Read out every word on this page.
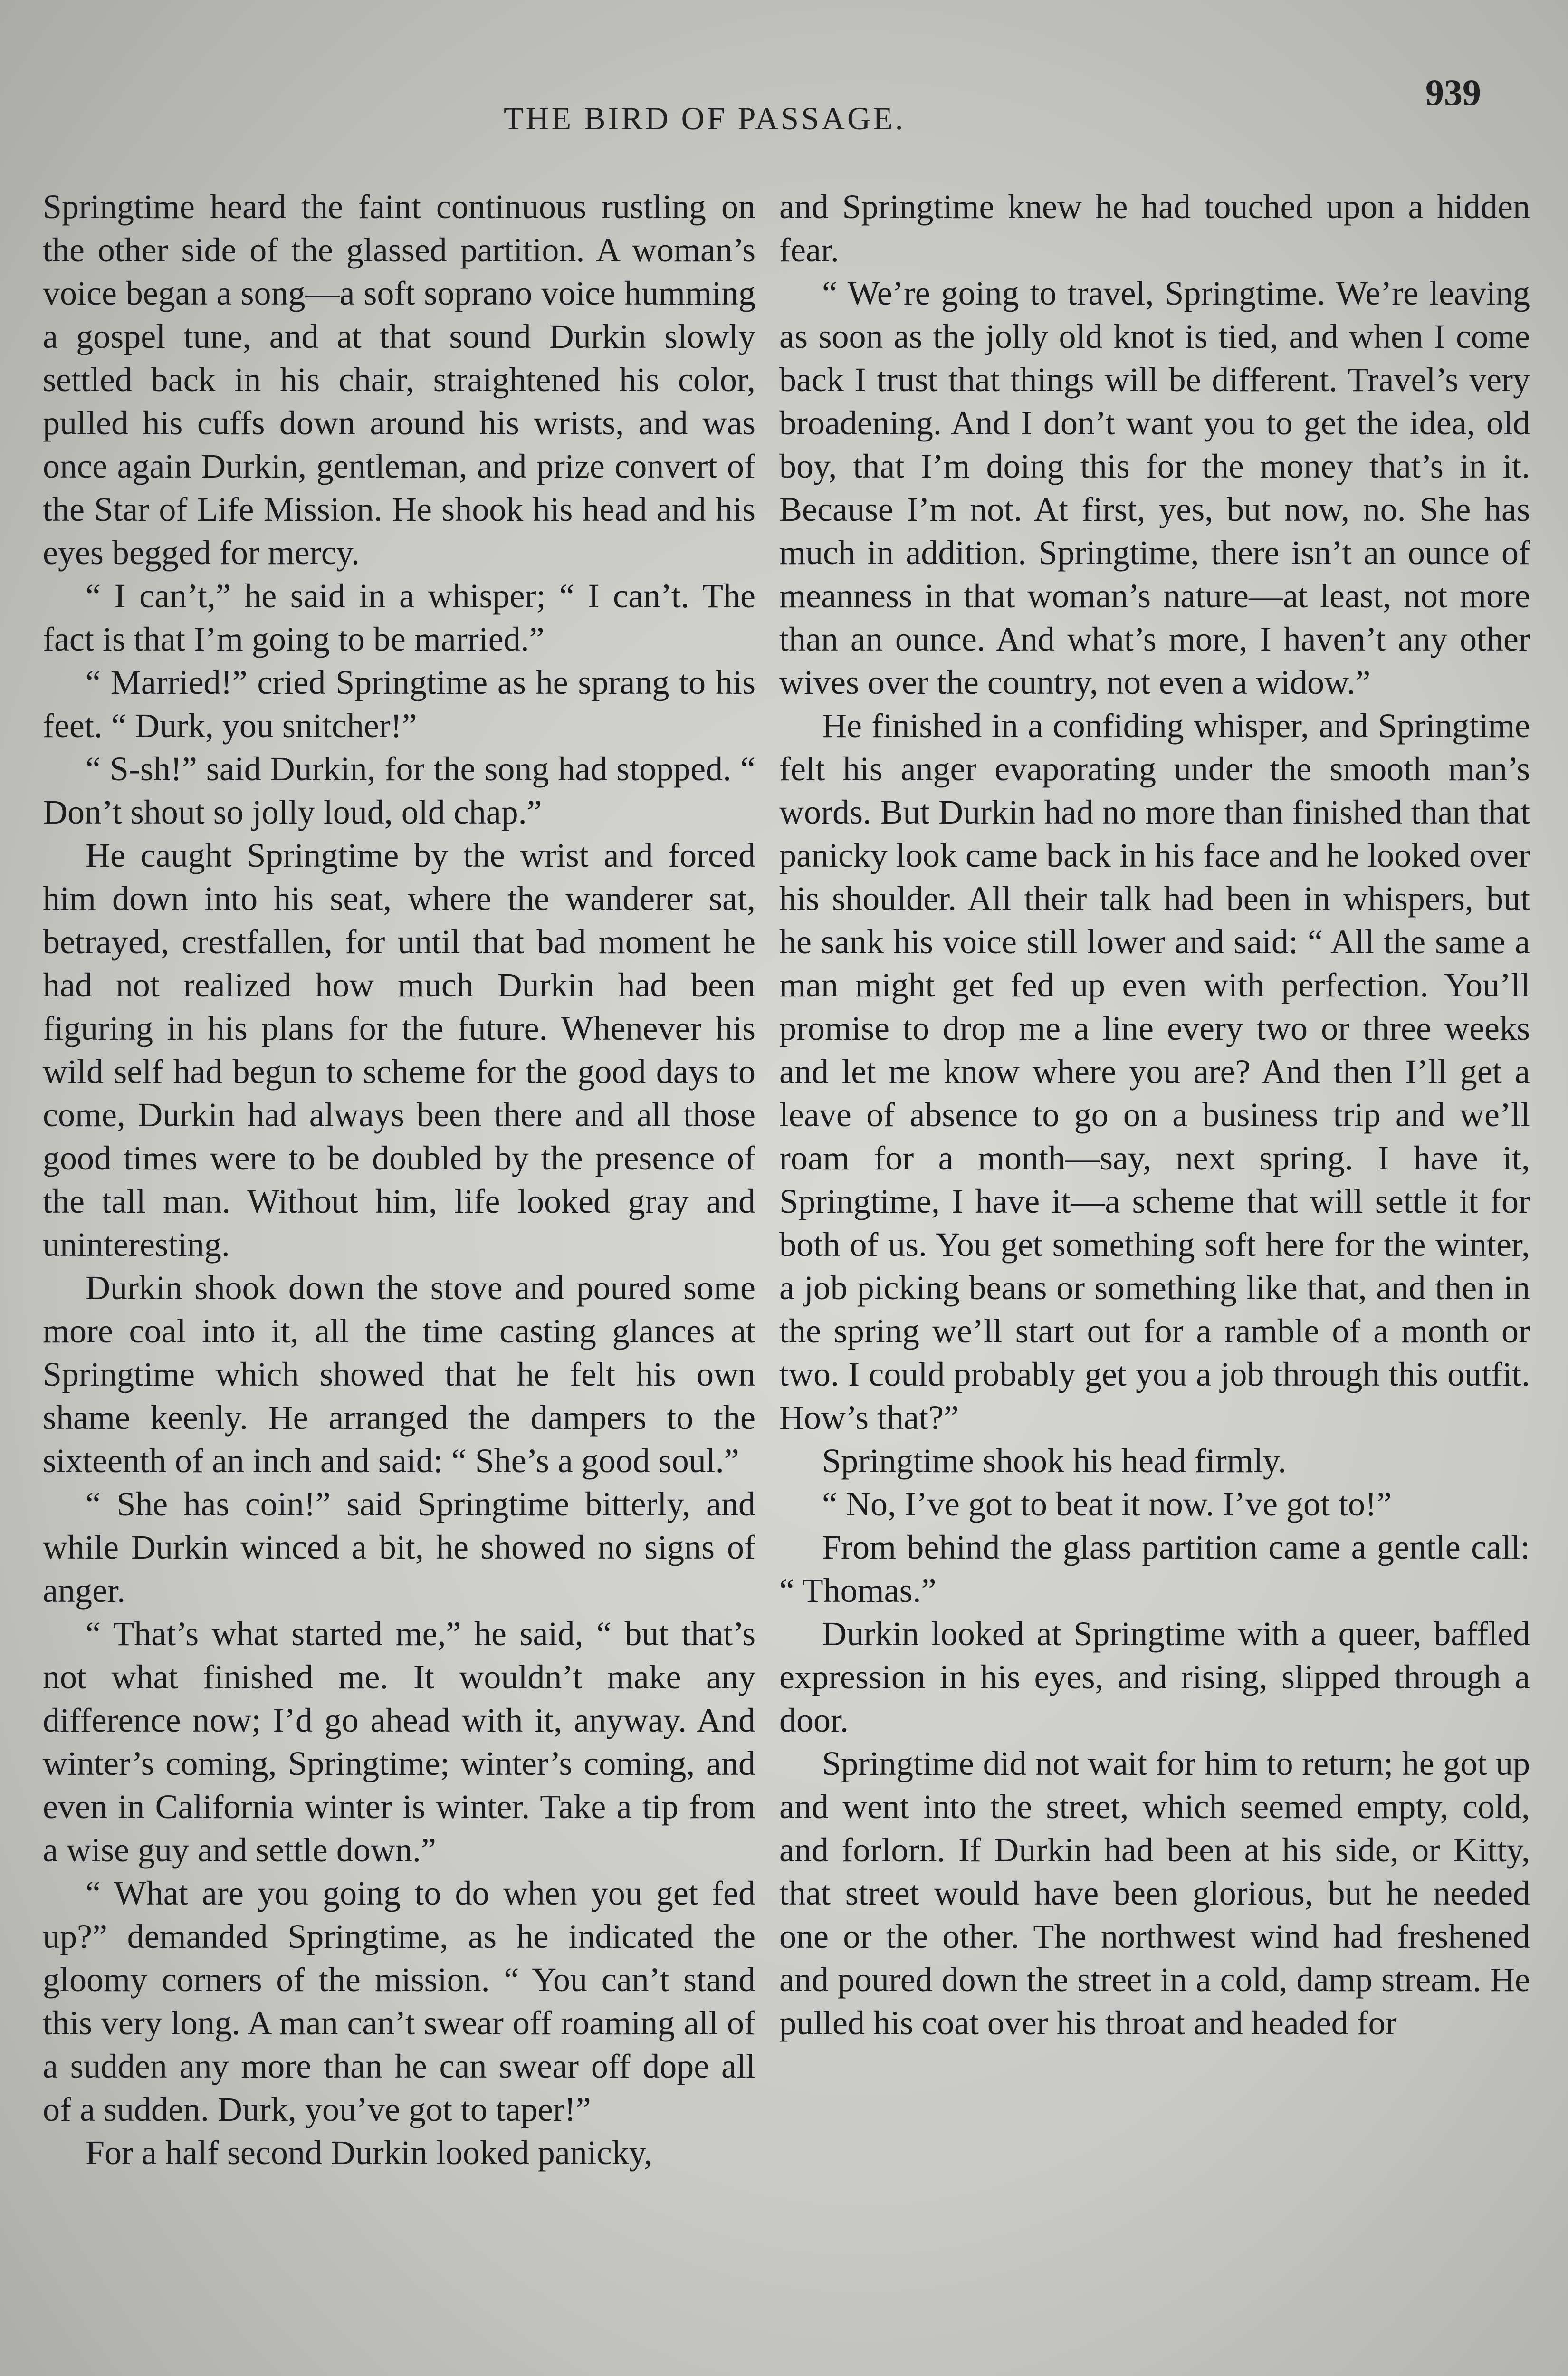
THE BIRD OF PASSAGE.
939

Springtime heard the faint continuous rustling on the other side of the glassed partition. A woman’s voice began a song—a soft soprano voice humming a gospel tune, and at that sound Durkin slowly settled back in his chair, straightened his color, pulled his cuffs down around his wrists, and was once again Durkin, gentleman, and prize convert of the Star of Life Mission. He shook his head and his eyes begged for mercy.

“ I can’t,” he said in a whisper; “ I can’t. The fact is that I’m going to be married.”

“ Married!” cried Springtime as he sprang to his feet. “ Durk, you snitcher!”

“ S-sh!” said Durkin, for the song had stopped. “ Don’t shout so jolly loud, old chap.”

He caught Springtime by the wrist and forced him down into his seat, where the wanderer sat, betrayed, crestfallen, for until that bad moment he had not realized how much Durkin had been figuring in his plans for the future. Whenever his wild self had begun to scheme for the good days to come, Durkin had always been there and all those good times were to be doubled by the presence of the tall man. Without him, life looked gray and uninteresting.

Durkin shook down the stove and poured some more coal into it, all the time casting glances at Springtime which showed that he felt his own shame keenly. He arranged the dampers to the sixteenth of an inch and said: “ She’s a good soul.”

“ She has coin!” said Springtime bitterly, and while Durkin winced a bit, he showed no signs of anger.

“ That’s what started me,” he said, “ but that’s not what finished me. It wouldn’t make any difference now; I’d go ahead with it, anyway. And winter’s coming, Springtime; winter’s coming, and even in California winter is winter. Take a tip from a wise guy and settle down.”

“ What are you going to do when you get fed up?” demanded Springtime, as he indicated the gloomy corners of the mission. “ You can’t stand this very long. A man can’t swear off roaming all of a sudden any more than he can swear off dope all of a sudden. Durk, you’ve got to taper!”

For a half second Durkin looked panicky,

and Springtime knew he had touched upon a hidden fear.

“ We’re going to travel, Springtime. We’re leaving as soon as the jolly old knot is tied, and when I come back I trust that things will be different. Travel’s very broadening. And I don’t want you to get the idea, old boy, that I’m doing this for the money that’s in it. Because I’m not. At first, yes, but now, no. She has much in addition. Springtime, there isn’t an ounce of meanness in that woman’s nature—at least, not more than an ounce. And what’s more, I haven’t any other wives over the country, not even a widow.”

He finished in a confiding whisper, and Springtime felt his anger evaporating under the smooth man’s words. But Durkin had no more than finished than that panicky look came back in his face and he looked over his shoulder. All their talk had been in whispers, but he sank his voice still lower and said: “ All the same a man might get fed up even with perfection. You’ll promise to drop me a line every two or three weeks and let me know where you are? And then I’ll get a leave of absence to go on a business trip and we’ll roam for a month—say, next spring. I have it, Springtime, I have it—a scheme that will settle it for both of us. You get something soft here for the winter, a job picking beans or something like that, and then in the spring we’ll start out for a ramble of a month or two. I could probably get you a job through this outfit. How’s that?”

Springtime shook his head firmly.

“ No, I’ve got to beat it now. I’ve got to!”

From behind the glass partition came a gentle call: “ Thomas.”

Durkin looked at Springtime with a queer, baffled expression in his eyes, and rising, slipped through a door.

Springtime did not wait for him to return; he got up and went into the street, which seemed empty, cold, and forlorn. If Durkin had been at his side, or Kitty, that street would have been glorious, but he needed one or the other. The northwest wind had freshened and poured down the street in a cold, damp stream. He pulled his coat over his throat and headed for
